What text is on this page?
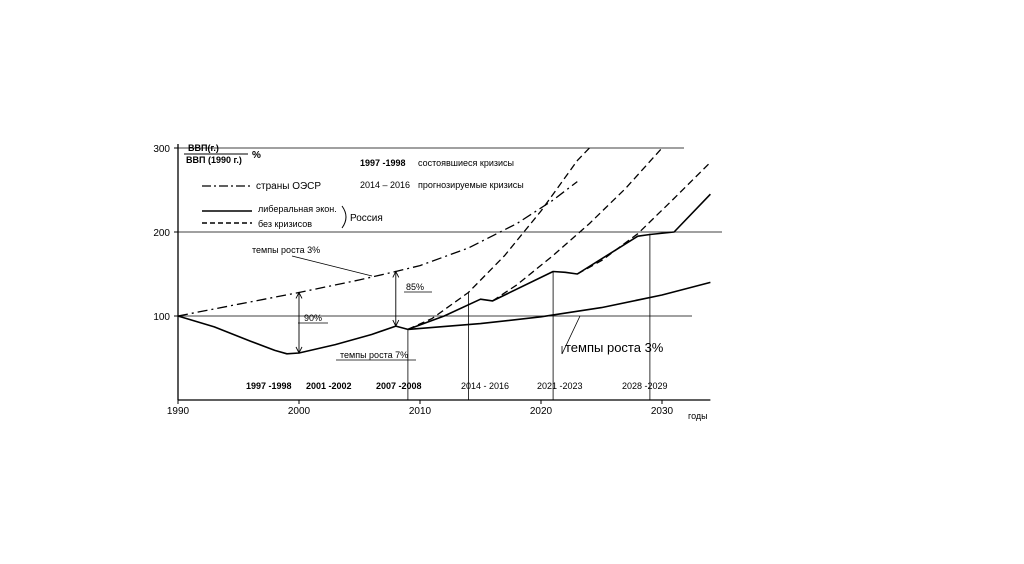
100
200
300
1990	2000	2010	2020	2030
ВВП(г.)
ВВП (1990 г.) %
1997 -1998 состоявшиеся кризисы
2014 – 2016 прогнозируемые кризисы
страны ОЭСР
либеральная экон.
без кризисов	Россия
1997 -1998 2001 -2002	2007 -2008	2014 - 2016	2021 -2023	2028 -2029
темпы роста 3%
90%
85%
темпы роста 7%	темпы роста 3%
годы
